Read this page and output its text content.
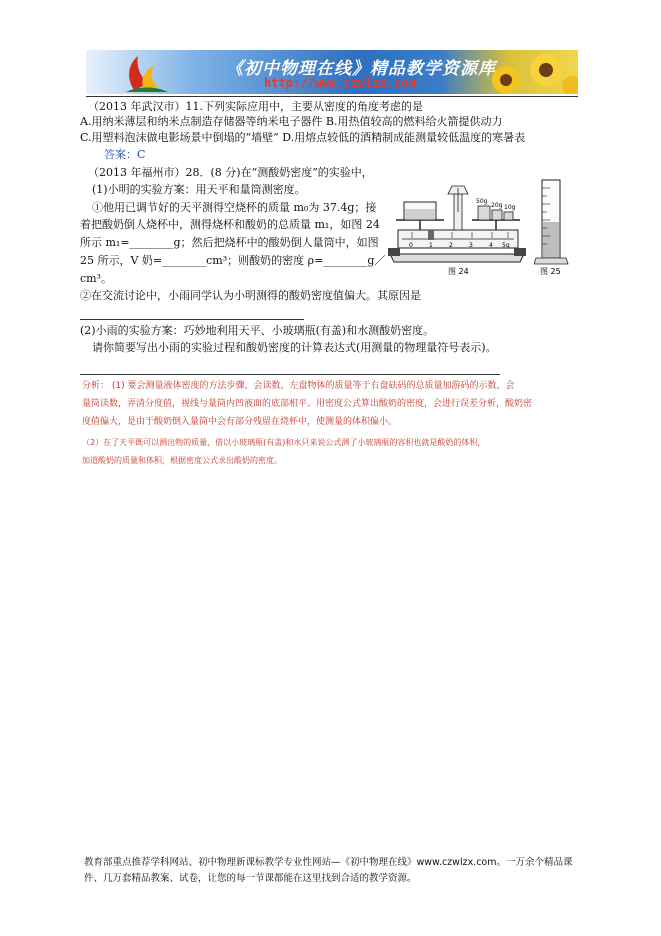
《初中物理在线》精品教学资源库
http://www.czwlzx.com
（2013 年武汉市）11.下列实际应用中，主要从密度的角度考虑的是
A.用纳米薄层和纳米点制造存储器等纳米电子器件 B.用热值较高的燃料给火箭提供动力
C.用塑料泡沫做电影场景中倒塌的“墙壁” D.用熔点较低的酒精制成能测量较低温度的寒暑表
答案：C
（2013 年福州市）28．(8 分)在“测酸奶密度”的实验中，
(1)小明的实验方案：用天平和量筒测密度。
①他用已调节好的天平测得空烧杯的质量 m₀为 37.4g；接
着把酸奶倒人烧杯中，测得烧杯和酸奶的总质量 m₁，如图 24
所示 m₁=________g；然后把烧杯中的酸奶倒人量筒中，如图
25 所示，V 奶=________cm³；则酸奶的密度 ρ=________g／
cm³。
②在交流讨论中，小雨同学认为小明测得的酸奶密度值偏大。其原因是
(2)小雨的实验方案：巧妙地利用天平、小玻璃瓶(有盖)和水测酸奶密度。
请你简要写出小雨的实验过程和酸奶密度的计算表达式(用测量的物理量符号表示)。
0	1	2	3	4 5g
50g
20g 10g
图 24	图 25
分析： (1) 要会测量液体密度的方法步骤，会读数，左盘物体的质量等于右盘砝码的总质量加游码的示数，会
量筒读数，弄清分度值，视线与量筒内凹液面的底部相平。用密度公式算出酸奶的密度，会进行误差分析，酸奶密
度值偏大，是由于酸奶倒入量筒中会有部分残留在烧杯中，使测量的体积偏小。
（2）在了天平既可以测出物的质量，借以小玻璃瓶(有盖)和水只来说公式测了小玻璃瓶的容积也就是酸奶的体积，
加道酸奶的质量和体积，根据密度公式求出酸奶的密度。
教育部重点推荐学科网站、初中物理新课标教学专业性网站—《初中物理在线》www.czwlzx.com。一万余个精品课
件、几万套精品教案、试卷，让您的每一节课都能在这里找到合适的教学资源。
